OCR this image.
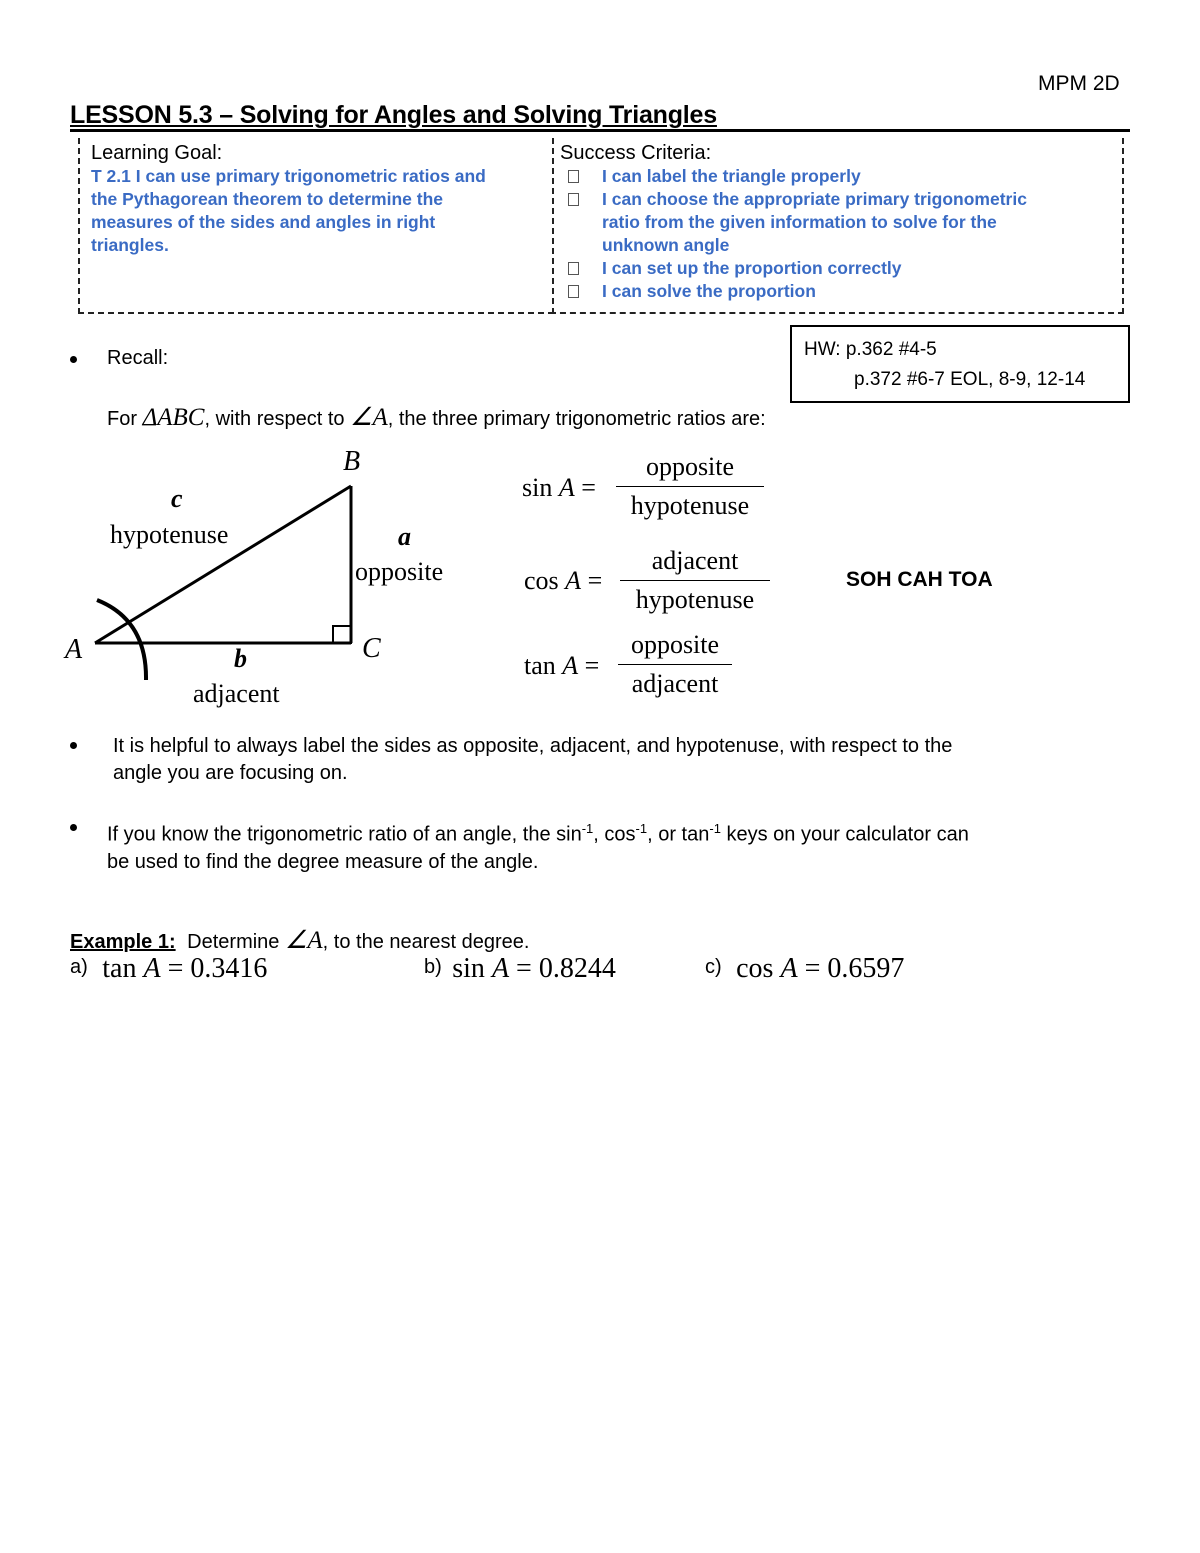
MPM 2D
LESSON 5.3 – Solving for Angles and Solving Triangles
Learning Goal:
T 2.1 I can use primary trigonometric ratios and
the Pythagorean theorem to determine the
measures of the sides and angles in right
triangles.
Success Criteria:
I can label the triangle properly
I can choose the appropriate primary trigonometric
ratio from the given information to solve for the
unknown angle
I can set up the proportion correctly
I can solve the proportion
HW: p.362 #4-5
p.372 #6-7 EOL, 8-9, 12-14
Recall:
For ΔABC, with respect to ∠A, the three primary trigonometric ratios are:
A
B
C
c
hypotenuse	a
opposite
b
adjacent
sin A =
opposite
hypotenuse
cos A =
adjacent
hypotenuse
tan A =
opposite
adjacent
SOH CAH TOA
It is helpful to always label the sides as opposite, adjacent, and hypotenuse, with respect to the
angle you are focusing on.
If you know the trigonometric ratio of an angle, the $\sin^{-1}$, $\cos^{-1}$, or $\tan^{-1}$ keys on your calculator can
be used to find the degree measure of the angle.
Example 1: Determine ∠A, to the nearest degree.
a) tan A = 0.3416	b) sin A = 0.8244	c) cos A = 0.6597
